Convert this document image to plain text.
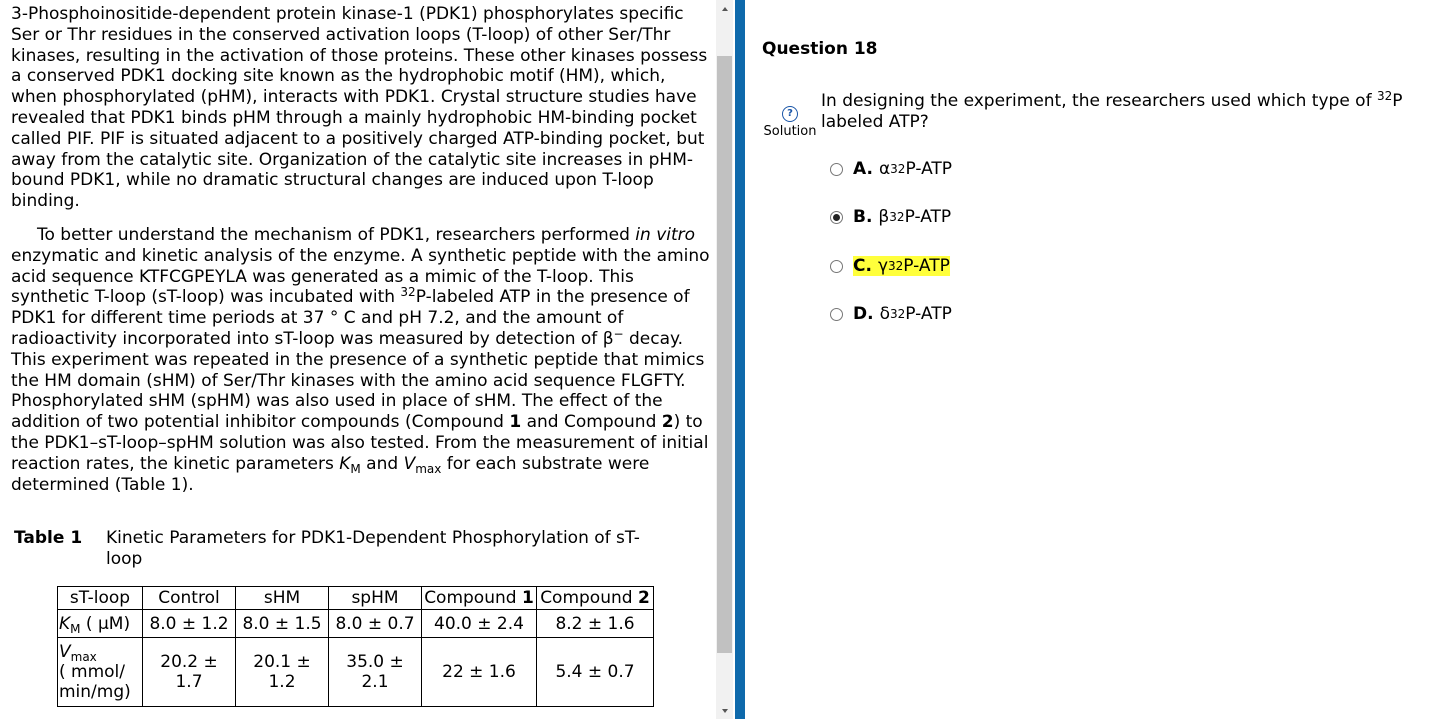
3-Phosphoinositide-dependent protein kinase-1 (PDK1) phosphorylates specific Ser or Thr residues in the conserved activation loops (T-loop) of other Ser/Thr kinases, resulting in the activation of those proteins. These other kinases possess a conserved PDK1 docking site known as the hydrophobic motif (HM), which, when phosphorylated (pHM), interacts with PDK1. Crystal structure studies have revealed that PDK1 binds pHM through a mainly hydrophobic HM-binding pocket called PIF. PIF is situated adjacent to a positively charged ATP-binding pocket, but away from the catalytic site. Organization of the catalytic site increases in pHM-bound PDK1, while no dramatic structural changes are induced upon T-loop binding.

To better understand the mechanism of PDK1, researchers performed in vitro enzymatic and kinetic analysis of the enzyme. A synthetic peptide with the amino acid sequence KTFCGPEYLA was generated as a mimic of the T-loop. This synthetic T-loop (sT-loop) was incubated with $^{32}$P-labeled ATP in the presence of PDK1 for different time periods at 37 ° C and pH 7.2, and the amount of radioactivity incorporated into sT-loop was measured by detection of β− decay. This experiment was repeated in the presence of a synthetic peptide that mimics the HM domain (sHM) of Ser/Thr kinases with the amino acid sequence FLGFTY. Phosphorylated sHM (spHM) was also used in place of sHM. The effect of the addition of two potential inhibitor compounds (Compound 1 and Compound 2) to the PDK1–sT-loop–spHM solution was also tested. From the measurement of initial reaction rates, the kinetic parameters $K_M$ and $V_{max}$ for each substrate were determined (Table 1).

Table 1	Kinetic Parameters for PDK1-Dependent Phosphorylation of sT-loop
sT-loop	Control	sHM	spHM	Compound 1	Compound 2
$K_M$ ( μM)	8.0 ± 1.2	8.0 ± 1.5	8.0 ± 0.7	40.0 ± 2.4	8.2 ± 1.6
$V_{max}$
( mmol/
min/mg)	20.2 ± 1.7	20.1 ± 1.2	35.0 ± 2.1	22 ± 1.6	5.4 ± 0.7
Question 18
?
Solution

In designing the experiment, the researchers used which type of $^{32}$P labeled ATP?

A. α 32 P-ATP
B. β 32 P-ATP
C. γ 32 P-ATP
D. δ 32 P-ATP
